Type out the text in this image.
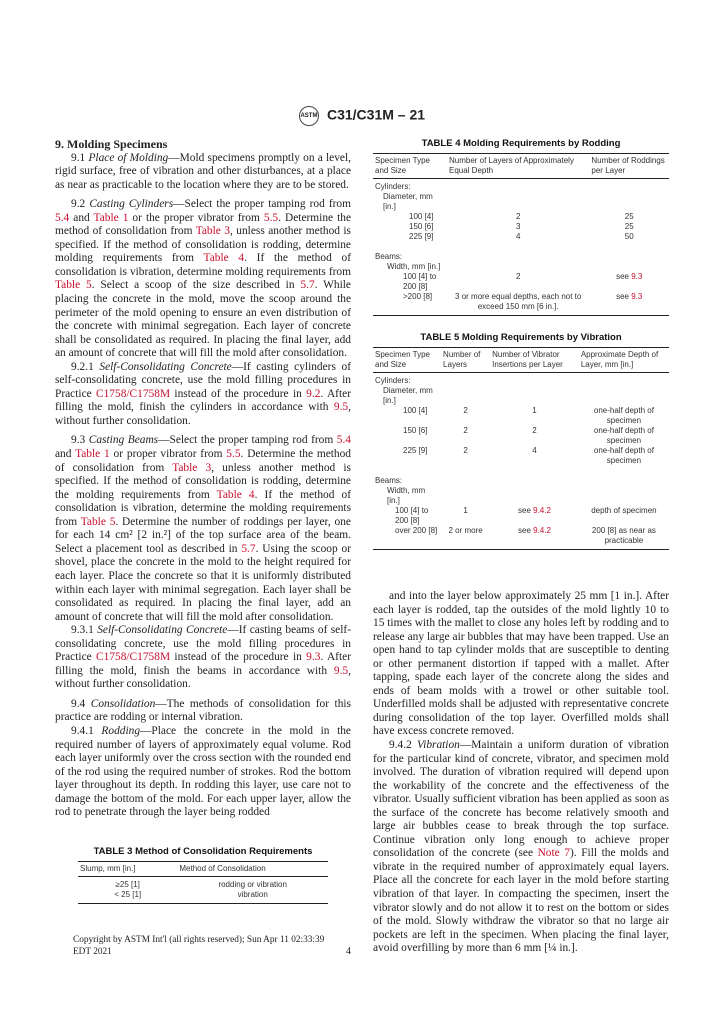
ASTM C31/C31M – 21

9. Molding Specimens

9.1 Place of Molding—Mold specimens promptly on a level, rigid surface, free of vibration and other disturbances, at a place as near as practicable to the location where they are to be stored.

9.2 Casting Cylinders—Select the proper tamping rod from 5.4 and Table 1 or the proper vibrator from 5.5. Determine the method of consolidation from Table 3, unless another method is specified. If the method of consolidation is rodding, determine molding requirements from Table 4. If the method of consolidation is vibration, determine molding requirements from Table 5. Select a scoop of the size described in 5.7. While placing the concrete in the mold, move the scoop around the perimeter of the mold opening to ensure an even distribution of the concrete with minimal segregation. Each layer of concrete shall be consolidated as required. In placing the final layer, add an amount of concrete that will fill the mold after consolidation.

9.2.1 Self-Consolidating Concrete—If casting cylinders of self-consolidating concrete, use the mold filling procedures in Practice C1758/C1758M instead of the procedure in 9.2. After filling the mold, finish the cylinders in accordance with 9.5, without further consolidation.

9.3 Casting Beams—Select the proper tamping rod from 5.4 and Table 1 or proper vibrator from 5.5. Determine the method of consolidation from Table 3, unless another method is specified. If the method of consolidation is rodding, determine the molding requirements from Table 4. If the method of consolidation is vibration, determine the molding requirements from Table 5. Determine the number of roddings per layer, one for each 14 cm² [2 in.²] of the top surface area of the beam. Select a placement tool as described in 5.7. Using the scoop or shovel, place the concrete in the mold to the height required for each layer. Place the concrete so that it is uniformly distributed within each layer with minimal segregation. Each layer shall be consolidated as required. In placing the final layer, add an amount of concrete that will fill the mold after consolidation.

9.3.1 Self-Consolidating Concrete—If casting beams of self-consolidating concrete, use the mold filling procedures in Practice C1758/C1758M instead of the procedure in 9.3. After filling the mold, finish the beams in accordance with 9.5, without further consolidation.

9.4 Consolidation—The methods of consolidation for this practice are rodding or internal vibration.

9.4.1 Rodding—Place the concrete in the mold in the required number of layers of approximately equal volume. Rod each layer uniformly over the cross section with the rounded end of the rod using the required number of strokes. Rod the bottom layer throughout its depth. In rodding this layer, use care not to damage the bottom of the mold. For each upper layer, allow the rod to penetrate through the layer being rodded

TABLE 3 Method of Consolidation Requirements
Slump, mm [in.]	Method of Consolidation
≥25 [1]	rodding or vibration
< 25 [1]	vibration
Copyright by ASTM Int'l (all rights reserved); Sun Apr 11 02:33:39 EDT 2021	4
TABLE 4 Molding Requirements by Rodding
Specimen Type and Size	Number of Layers of Approximately Equal Depth	Number of Roddings per Layer
Cylinders:		
Diameter, mm [in.]		
100 [4]	2	25
150 [6]	3	25
225 [9]	4	50

Beams:		
Width, mm [in.]		
100 [4] to 200 [8]	2	see 9.3
>200 [8]	3 or more equal depths, each not to exceed 150 mm [6 in.].	see 9.3
TABLE 5 Molding Requirements by Vibration
Specimen Type and Size	Number of Layers	Number of Vibrator Insertions per Layer	Approximate Depth of Layer, mm [in.]
Cylinders:			
Diameter, mm [in.]			
100 [4]	2	1	one-half depth of specimen
150 [6]	2	2	one-half depth of specimen
225 [9]	2	4	one-half depth of specimen

Beams:			
Width, mm [in.]			
100 [4] to 200 [8]	1	see 9.4.2	depth of specimen
over 200 [8]	2 or more	see 9.4.2	200 [8] as near as practicable

and into the layer below approximately 25 mm [1 in.]. After each layer is rodded, tap the outsides of the mold lightly 10 to 15 times with the mallet to close any holes left by rodding and to release any large air bubbles that may have been trapped. Use an open hand to tap cylinder molds that are susceptible to denting or other permanent distortion if tapped with a mallet. After tapping, spade each layer of the concrete along the sides and ends of beam molds with a trowel or other suitable tool. Underfilled molds shall be adjusted with representative concrete during consolidation of the top layer. Overfilled molds shall have excess concrete removed.

9.4.2 Vibration—Maintain a uniform duration of vibration for the particular kind of concrete, vibrator, and specimen mold involved. The duration of vibration required will depend upon the workability of the concrete and the effectiveness of the vibrator. Usually sufficient vibration has been applied as soon as the surface of the concrete has become relatively smooth and large air bubbles cease to break through the top surface. Continue vibration only long enough to achieve proper consolidation of the concrete (see Note 7). Fill the molds and vibrate in the required number of approximately equal layers. Place all the concrete for each layer in the mold before starting vibration of that layer. In compacting the specimen, insert the vibrator slowly and do not allow it to rest on the bottom or sides of the mold. Slowly withdraw the vibrator so that no large air pockets are left in the specimen. When placing the final layer, avoid overfilling by more than 6 mm [¼ in.].
